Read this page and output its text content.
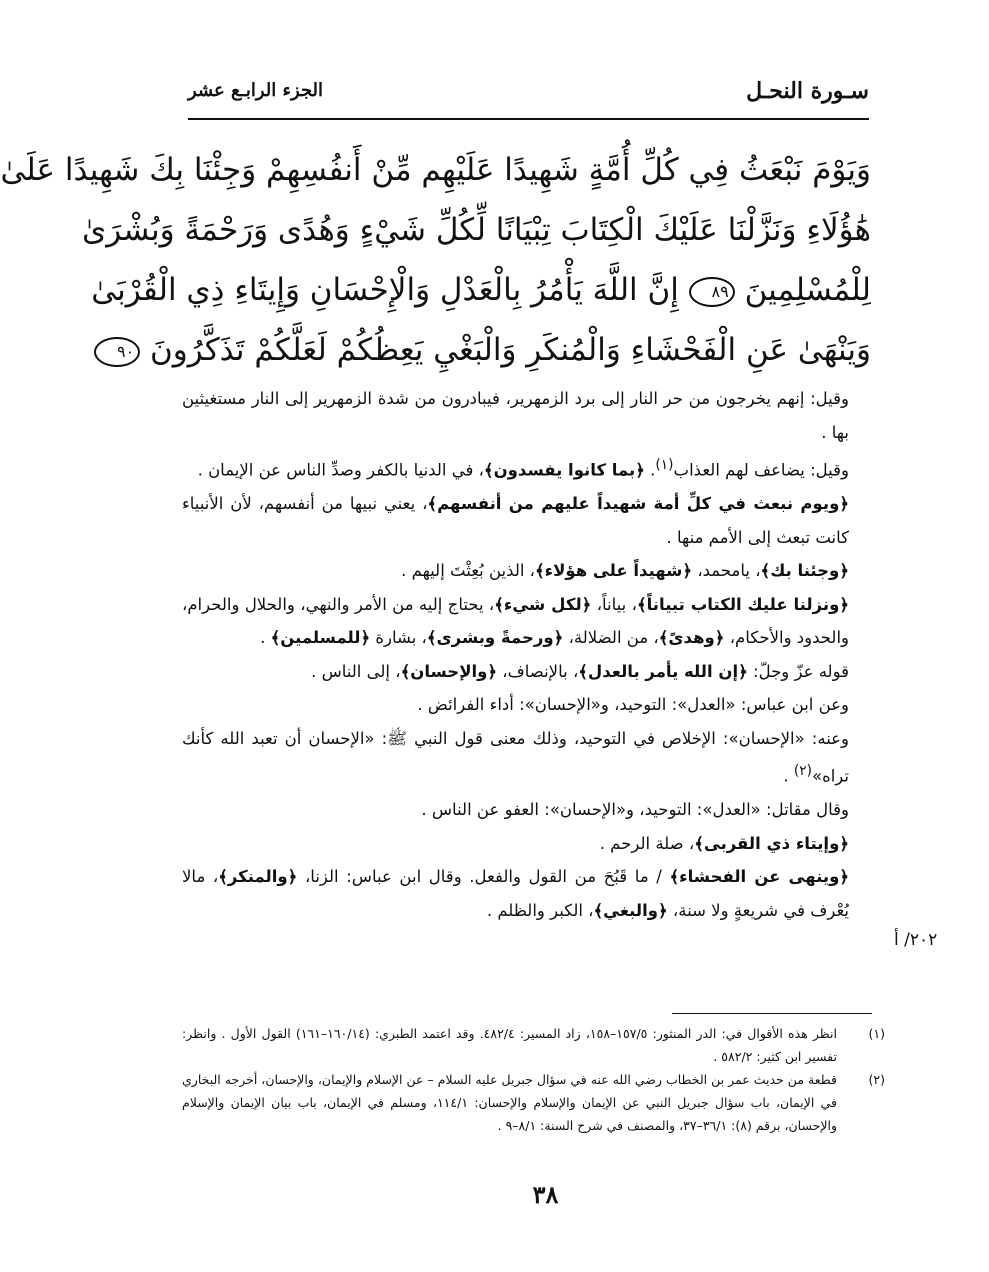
سـورة النحـل
الجزء الرابـع عشر
وَيَوْمَ نَبْعَثُ فِي كُلِّ أُمَّةٍ شَهِيدًا عَلَيْهِم مِّنْ أَنفُسِهِمْ وَجِئْنَا بِكَ شَهِيدًا عَلَىٰ
هَٰؤُلَاءِ وَنَزَّلْنَا عَلَيْكَ الْكِتَابَ تِبْيَانًا لِّكُلِّ شَيْءٍ وَهُدًى وَرَحْمَةً وَبُشْرَىٰ
لِلْمُسْلِمِينَ ٨٩ إِنَّ اللَّهَ يَأْمُرُ بِالْعَدْلِ وَالْإِحْسَانِ وَإِيتَاءِ ذِي الْقُرْبَىٰ
وَيَنْهَىٰ عَنِ الْفَحْشَاءِ وَالْمُنكَرِ وَالْبَغْيِ يَعِظُكُمْ لَعَلَّكُمْ تَذَكَّرُونَ ٩٠

وقيل: إنهم يخرجون من حر النار إلى برد الزمهرير، فيبادرون من شدة الزمهرير إلى النار مستغيثين بها .

وقيل: يضاعف لهم العذاب$^{(١)}$. ﴿بما كانوا يفسدون﴾، في الدنيا بالكفر وصدِّ الناس عن الإيمان .

﴿ويوم نبعث في كلِّ أمة شهيداً عليهم من أنفسهم﴾، يعني نبيها من أنفسهم، لأن الأنبياء كانت تبعث إلى الأمم منها .

﴿وجئنا بك﴾، يامحمد، ﴿شهيداً على هؤلاء﴾، الذين بُعِثْتَ إليهم .

﴿ونزلنا عليك الكتاب تبياناً﴾، بياناً، ﴿لكل شيء﴾، يحتاج إليه من الأمر والنهي، والحلال والحرام، والحدود والأحكام، ﴿وهدىً﴾، من الضلالة، ﴿ورحمةً وبشرى﴾، بشارة ﴿للمسلمين﴾ .

قوله عزّ وجلّ: ﴿إن الله يأمر بالعدل﴾، بالإنصاف، ﴿والإحسان﴾، إلى الناس .

وعن ابن عباس: «العدل»: التوحيد، و«الإحسان»: أداء الفرائض .

وعنه: «الإحسان»: الإخلاص في التوحيد، وذلك معنى قول النبي ﷺ: «الإحسان أن تعبد الله كأنك تراه»$^{(٢)}$ .

وقال مقاتل: «العدل»: التوحيد، و«الإحسان»: العفو عن الناس .

﴿وإيتاء ذي القربى﴾، صلة الرحم .

﴿وينهى عن الفحشاء﴾ / ما قَبُحَ من القول والفعل. وقال ابن عباس: الزنا، ﴿والمنكر﴾، مالا يُعْرف في شريعةٍ ولا سنة، ﴿والبغي﴾، الكبر والظلم .

٢٠٢/ أ
(١)
انظر هذه الأقوال في: الدر المنثور: ١٥٧/٥–١٥٨، زاد المسير: ٤٨٢/٤. وقد اعتمد الطبري: (١٦٠/١٤–١٦١) القول الأول . وانظر: تفسير ابن كثير: ٥٨٢/٢ .
(٢)
قطعة من حديث عمر بن الخطاب رضي الله عنه في سؤال جبريل عليه السلام – عن الإسلام والإيمان، والإحسان، أخرجه البخاري في الإيمان، باب سؤال جبريل النبي عن الإيمان والإسلام والإحسان: ١١٤/١، ومسلم في الإيمان، باب بيان الإيمان والإسلام والإحسان، برقم (٨): ٣٦/١–٣٧، والمصنف في شرح السنة: ٨/١–٩ .
٣٨
